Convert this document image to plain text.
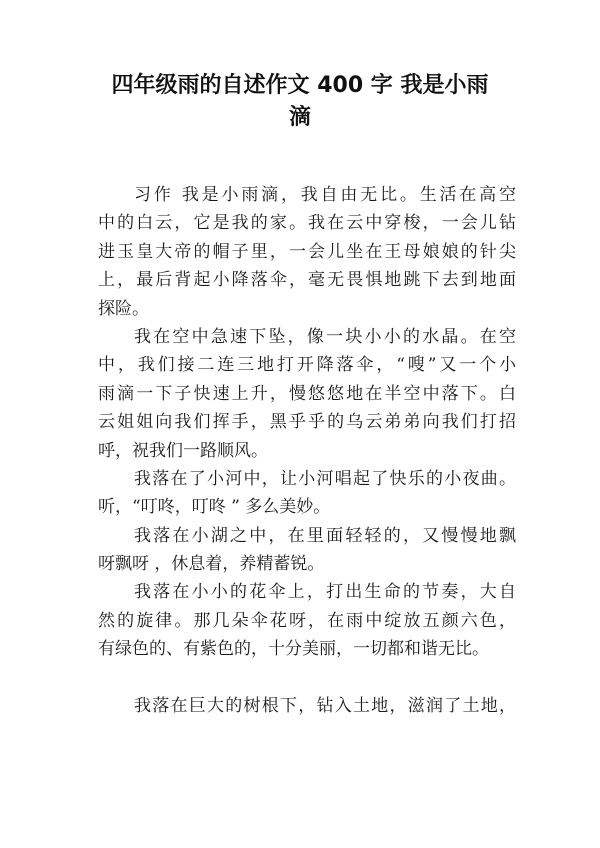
四年级雨的自述作文 400 字 我是小雨
滴
习作 我是小雨滴，我自由无比。生活在高空
中的白云，它是我的家。我在云中穿梭，一会儿钻
进玉皇大帝的帽子里，一会儿坐在王母娘娘的针尖
上，最后背起小降落伞，毫无畏惧地跳下去到地面
探险。
我在空中急速下坠，像一块小小的水晶。在空
中，我们接二连三地打开降落伞，“嗖”又一个小
雨滴一下子快速上升，慢悠悠地在半空中落下。白
云姐姐向我们挥手，黑乎乎的乌云弟弟向我们打招
呼，祝我们一路顺风。
我落在了小河中，让小河唱起了快乐的小夜曲。
听，“叮咚，叮咚 ” 多么美妙。
我落在小湖之中，在里面轻轻的，又慢慢地飘
呀飘呀 ，休息着，养精蓄锐。
我落在小小的花伞上，打出生命的节奏，大自
然的旋律。那几朵伞花呀，在雨中绽放五颜六色，
有绿色的、有紫色的，十分美丽，一切都和谐无比。
我落在巨大的树根下，钻入土地，滋润了土地，
